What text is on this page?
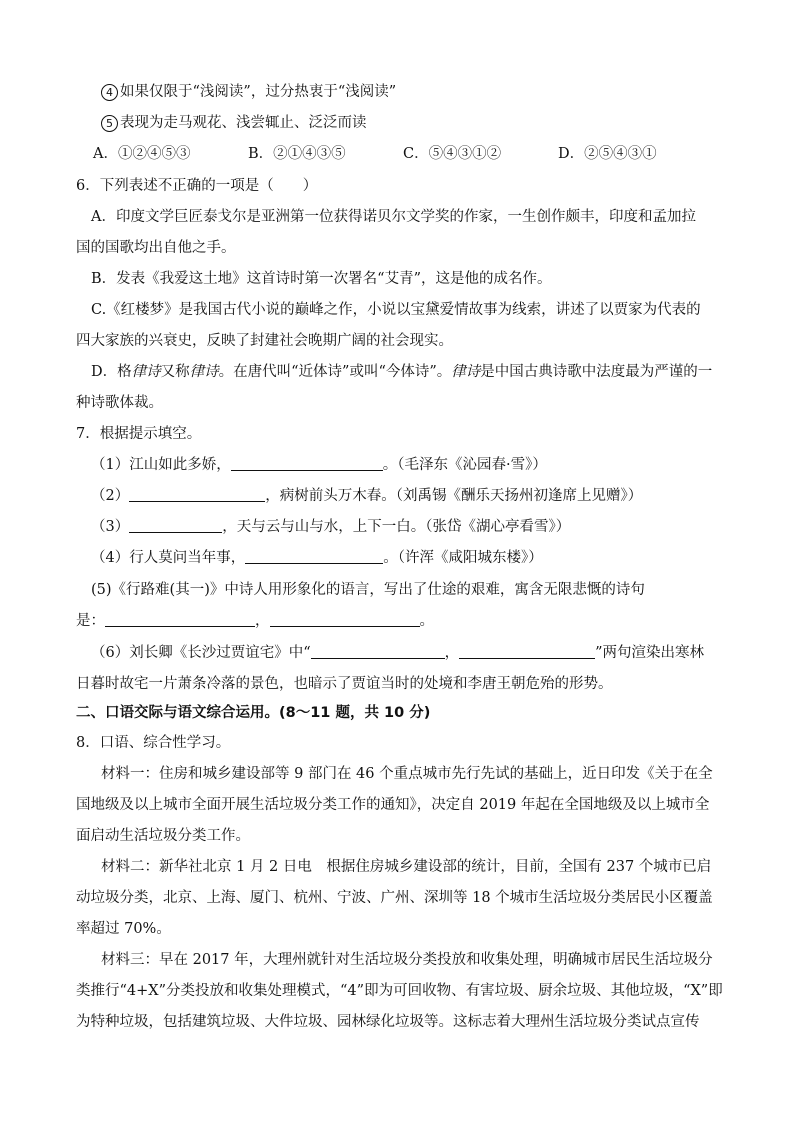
4 如果仅限于“浅阅读”，过分热衷于“浅阅读”
5 表现为走马观花、浅尝辄止、泛泛而读
A．①②④⑤③	B．②①④③⑤	C．⑤④③①②	D．②⑤④③①
6．下列表述不正确的一项是（　　）
A．印度文学巨匠泰戈尔是亚洲第一位获得诺贝尔文学奖的作家，一生创作颇丰，印度和孟加拉
国的国歌均出自他之手。
B．发表《我爱这土地》这首诗时第一次署名“艾青”，这是他的成名作。
C.《红楼梦》是我国古代小说的巅峰之作，小说以宝黛爱情故事为线索，讲述了以贾家为代表的
四大家族的兴衰史，反映了封建社会晚期广阔的社会现实。
D．格律诗又称律诗。在唐代叫“近体诗”或叫“今体诗”。律诗是中国古典诗歌中法度最为严谨的一
种诗歌体裁。
7．根据提示填空。
（1）江山如此多娇，	。（毛泽东《沁园春·雪》）
（2）	，病树前头万木春。（刘禹锡《酬乐天扬州初逢席上见赠》）
（3）	，天与云与山与水，上下一白。（张岱《湖心亭看雪》）
（4）行人莫问当年事，	。（许浑《咸阳城东楼》）
(5)《行路难(其一)》中诗人用形象化的语言，写出了仕途的艰难，寓含无限悲慨的诗句
是：	，	。
（6）刘长卿《长沙过贾谊宅》中“	，	”两句渲染出寒林
日暮时故宅一片萧条冷落的景色，也暗示了贾谊当时的处境和李唐王朝危殆的形势。
二、口语交际与语文综合运用。(8～11 题，共 10 分)
8．口语、综合性学习。
材料一：住房和城乡建设部等 9 部门在 46 个重点城市先行先试的基础上，近日印发《关于在全
国地级及以上城市全面开展生活垃圾分类工作的通知》，决定自 2019 年起在全国地级及以上城市全
面启动生活垃圾分类工作。
材料二：新华社北京 1 月 2 日电　根据住房城乡建设部的统计，目前，全国有 237 个城市已启
动垃圾分类，北京、上海、厦门、杭州、宁波、广州、深圳等 18 个城市生活垃圾分类居民小区覆盖
率超过 70%。
材料三：早在 2017 年，大理州就针对生活垃圾分类投放和收集处理，明确城市居民生活垃圾分
类推行“4+X”分类投放和收集处理模式，“4”即为可回收物、有害垃圾、厨余垃圾、其他垃圾，“X”即
为特种垃圾，包括建筑垃圾、大件垃圾、园林绿化垃圾等。这标志着大理州生活垃圾分类试点宣传
